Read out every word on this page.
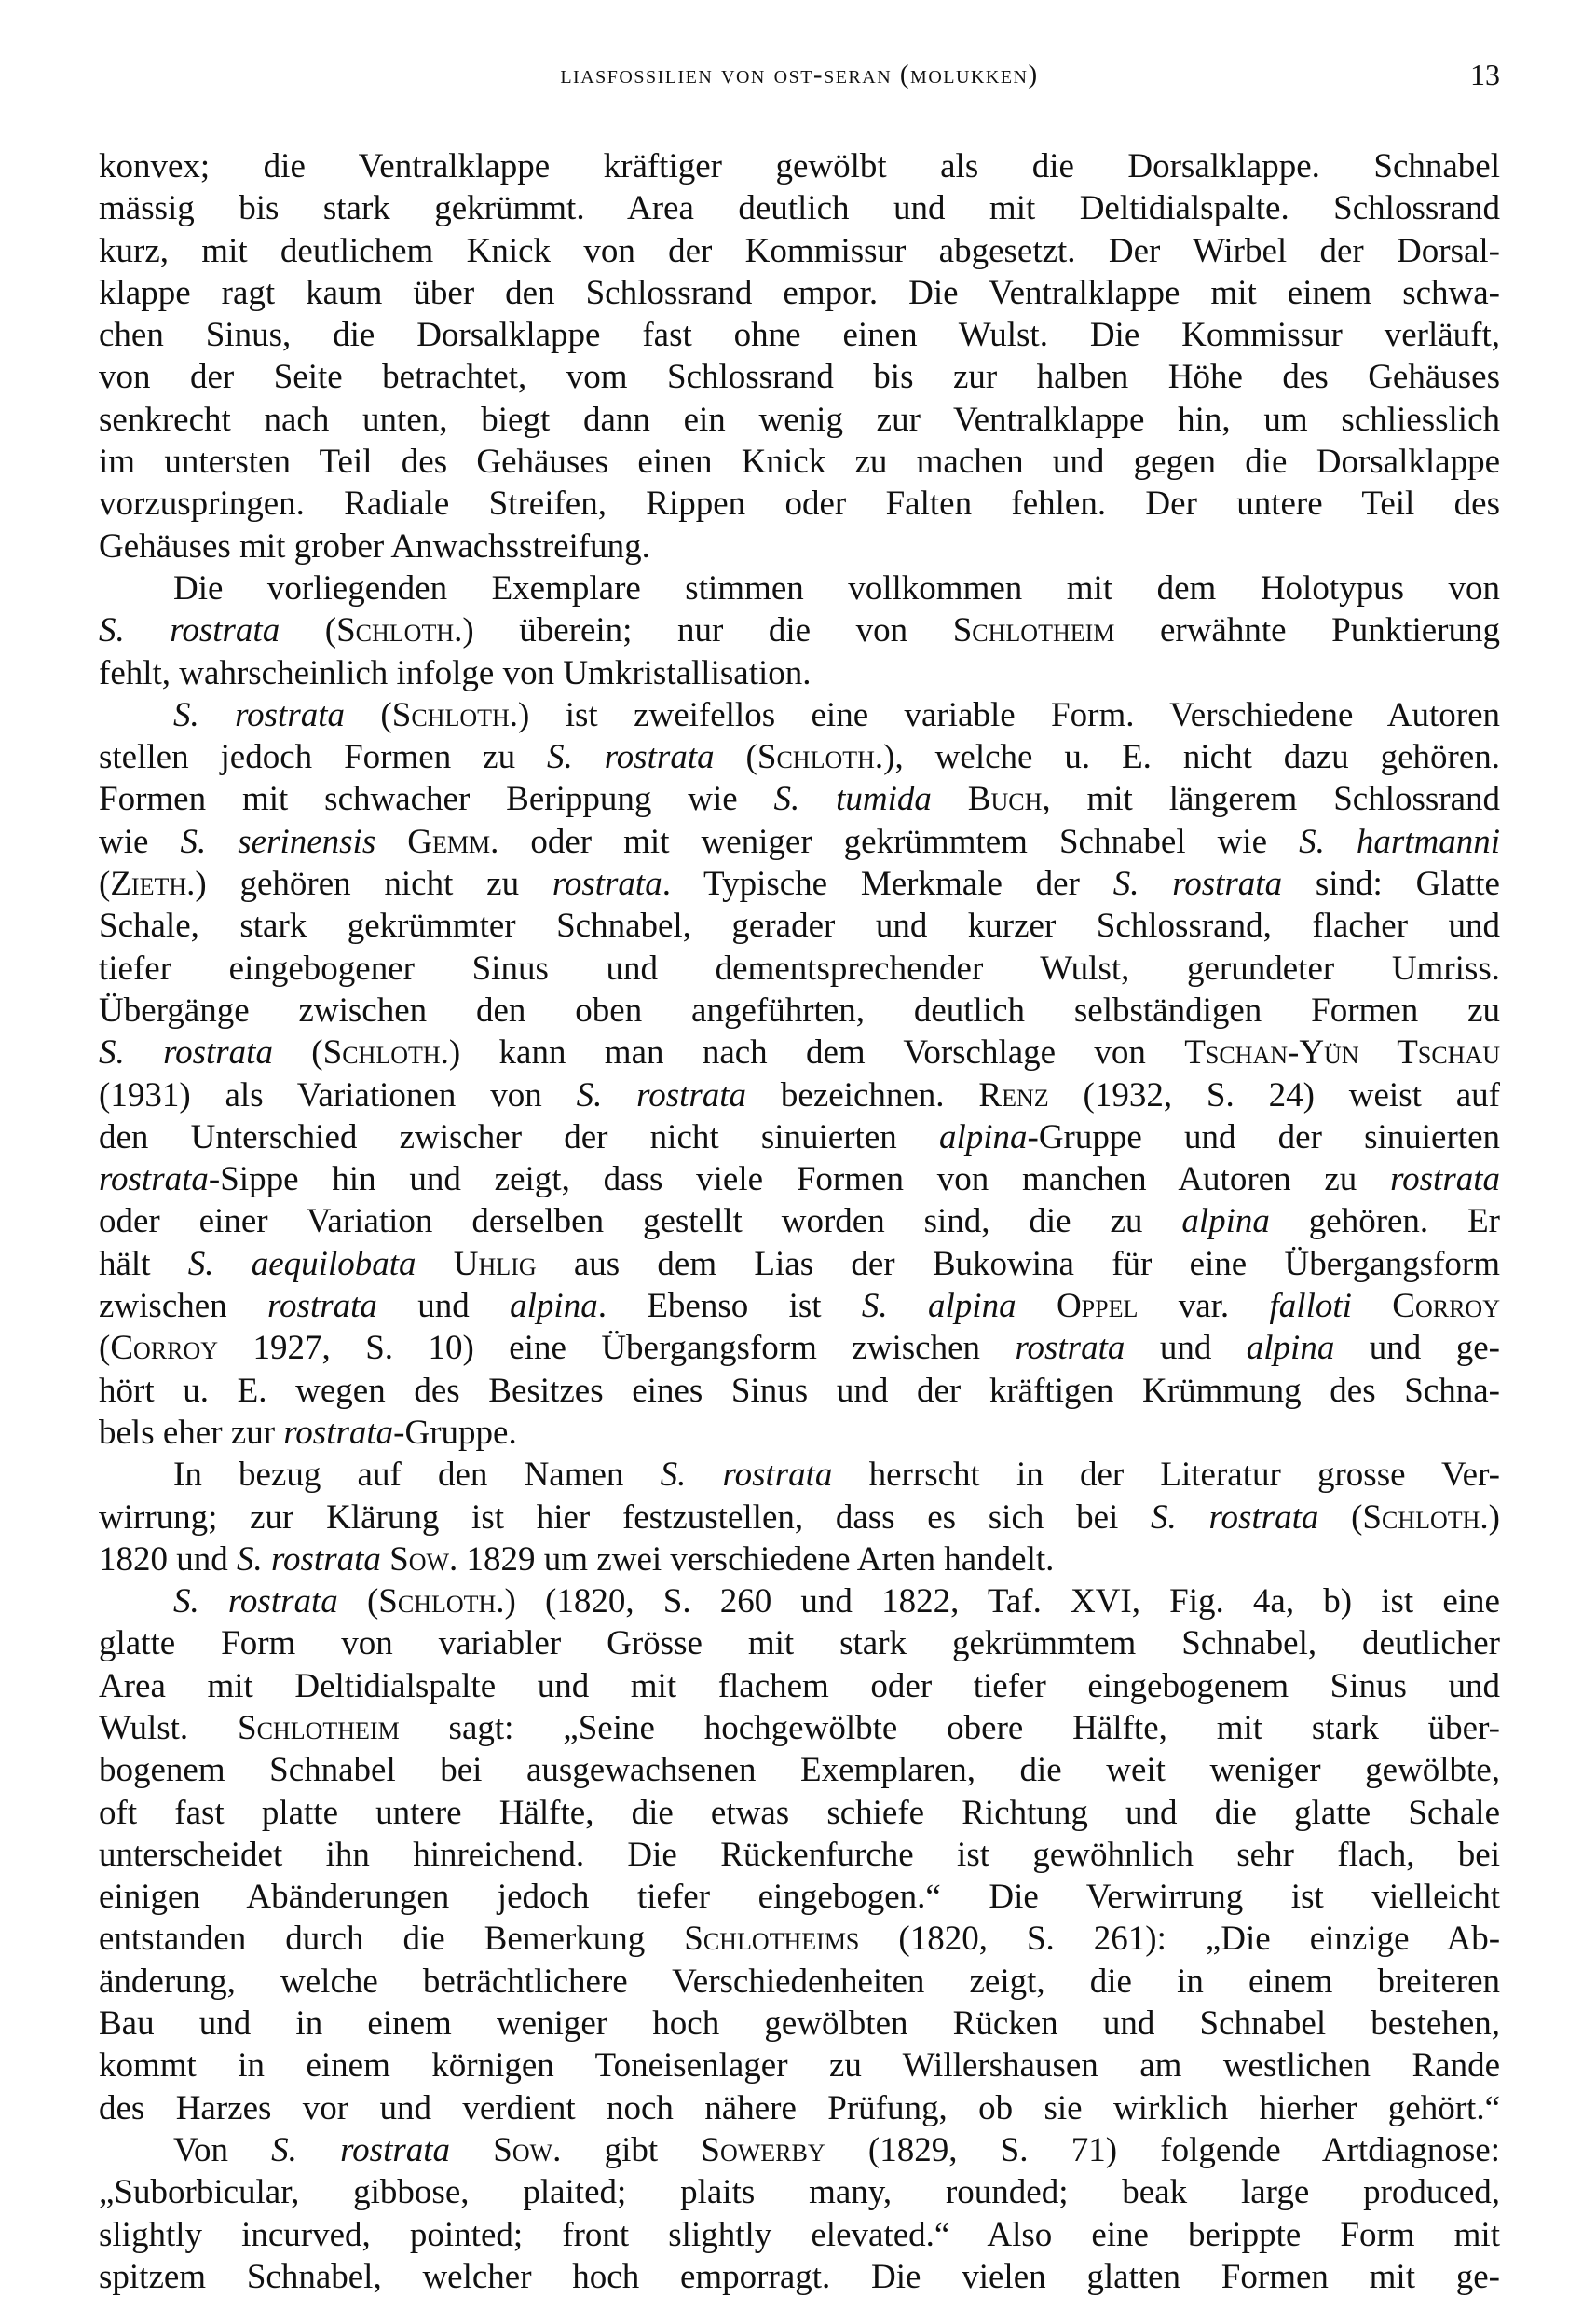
liasfossilien von ost-seran (molukken)	13
konvex; die Ventralklappe kräftiger gewölbt als die Dorsalklappe. Schnabel
mässig bis stark gekrümmt. Area deutlich und mit Deltidialspalte. Schlossrand
kurz, mit deutlichem Knick von der Kommissur abgesetzt. Der Wirbel der Dorsal-
klappe ragt kaum über den Schlossrand empor. Die Ventralklappe mit einem schwa-
chen Sinus, die Dorsalklappe fast ohne einen Wulst. Die Kommissur verläuft,
von der Seite betrachtet, vom Schlossrand bis zur halben Höhe des Gehäuses
senkrecht nach unten, biegt dann ein wenig zur Ventralklappe hin, um schliesslich
im untersten Teil des Gehäuses einen Knick zu machen und gegen die Dorsalklappe
vorzuspringen. Radiale Streifen, Rippen oder Falten fehlen. Der untere Teil des
Gehäuses mit grober Anwachsstreifung.
Die vorliegenden Exemplare stimmen vollkommen mit dem Holotypus von
S. rostrata (Schloth.) überein; nur die von Schlotheim erwähnte Punktierung
fehlt, wahrscheinlich infolge von Umkristallisation.
S. rostrata (Schloth.) ist zweifellos eine variable Form. Verschiedene Autoren
stellen jedoch Formen zu S. rostrata (Schloth.), welche u. E. nicht dazu gehören.
Formen mit schwacher Berippung wie S. tumida Buch, mit längerem Schlossrand
wie S. serinensis Gemm. oder mit weniger gekrümmtem Schnabel wie S. hartmanni
(Zieth.) gehören nicht zu rostrata. Typische Merkmale der S. rostrata sind: Glatte
Schale, stark gekrümmter Schnabel, gerader und kurzer Schlossrand, flacher und
tiefer eingebogener Sinus und dementsprechender Wulst, gerundeter Umriss.
Übergänge zwischen den oben angeführten, deutlich selbständigen Formen zu
S. rostrata (Schloth.) kann man nach dem Vorschlage von Tschan-Yün Tschau
(1931) als Variationen von S. rostrata bezeichnen. Renz (1932, S. 24) weist auf
den Unterschied zwischer der nicht sinuierten alpina-Gruppe und der sinuierten
rostrata-Sippe hin und zeigt, dass viele Formen von manchen Autoren zu rostrata
oder einer Variation derselben gestellt worden sind, die zu alpina gehören. Er
hält S. aequilobata Uhlig aus dem Lias der Bukowina für eine Übergangsform
zwischen rostrata und alpina. Ebenso ist S. alpina Oppel var. falloti Corroy
(Corroy 1927, S. 10) eine Übergangsform zwischen rostrata und alpina und ge-
hört u. E. wegen des Besitzes eines Sinus und der kräftigen Krümmung des Schna-
bels eher zur rostrata-Gruppe.
In bezug auf den Namen S. rostrata herrscht in der Literatur grosse Ver-
wirrung; zur Klärung ist hier festzustellen, dass es sich bei S. rostrata (Schloth.)
1820 und S. rostrata Sow. 1829 um zwei verschiedene Arten handelt.
S. rostrata (Schloth.) (1820, S. 260 und 1822, Taf. XVI, Fig. 4a, b) ist eine
glatte Form von variabler Grösse mit stark gekrümmtem Schnabel, deutlicher
Area mit Deltidialspalte und mit flachem oder tiefer eingebogenem Sinus und
Wulst. Schlotheim sagt: „Seine hochgewölbte obere Hälfte, mit stark über-
bogenem Schnabel bei ausgewachsenen Exemplaren, die weit weniger gewölbte,
oft fast platte untere Hälfte, die etwas schiefe Richtung und die glatte Schale
unterscheidet ihn hinreichend. Die Rückenfurche ist gewöhnlich sehr flach, bei
einigen Abänderungen jedoch tiefer eingebogen.“ Die Verwirrung ist vielleicht
entstanden durch die Bemerkung Schlotheims (1820, S. 261): „Die einzige Ab-
änderung, welche beträchtlichere Verschiedenheiten zeigt, die in einem breiteren
Bau und in einem weniger hoch gewölbten Rücken und Schnabel bestehen,
kommt in einem körnigen Toneisenlager zu Willershausen am westlichen Rande
des Harzes vor und verdient noch nähere Prüfung, ob sie wirklich hierher gehört.“
Von S. rostrata Sow. gibt Sowerby (1829, S. 71) folgende Artdiagnose:
„Suborbicular, gibbose, plaited; plaits many, rounded; beak large produced,
slightly incurved, pointed; front slightly elevated.“ Also eine berippte Form mit
spitzem Schnabel, welcher hoch emporragt. Die vielen glatten Formen mit ge-
